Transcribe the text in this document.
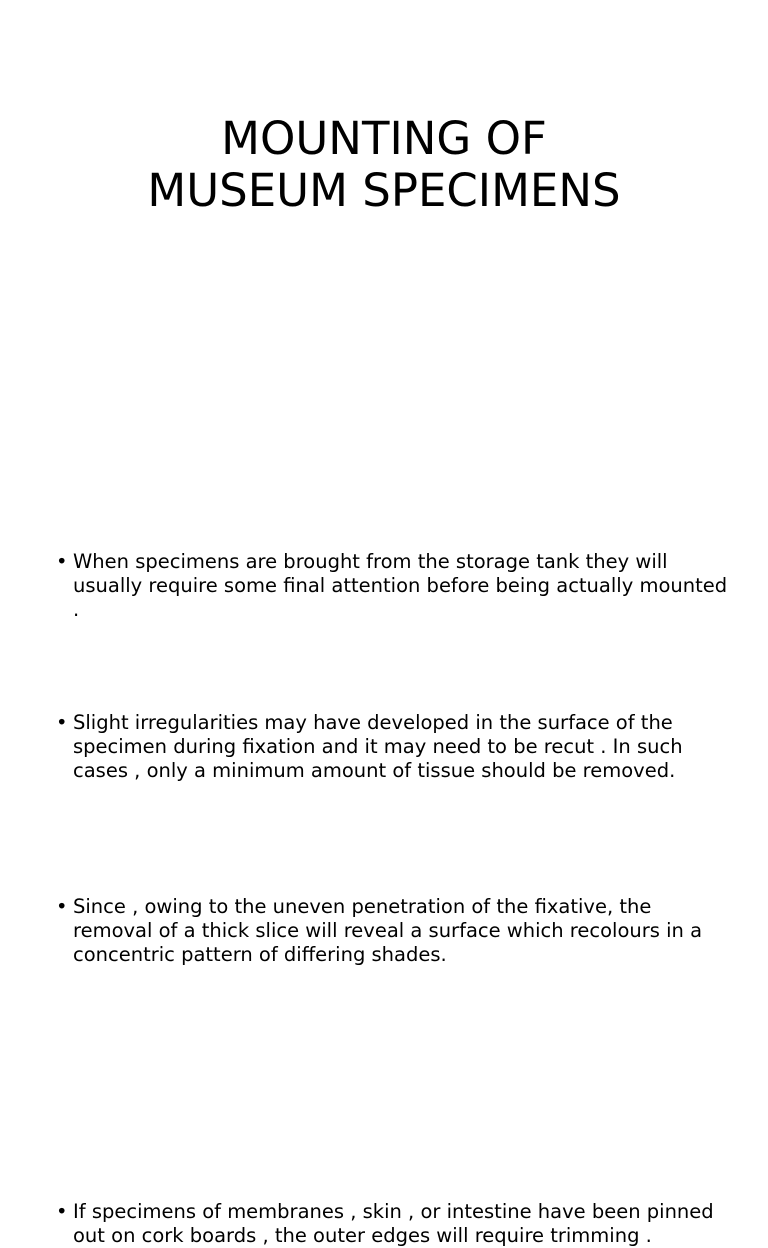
MOUNTING OF
MUSEUM SPECIMENS
• When specimens are brought from the storage tank they will usually require some final attention before being actually mounted .
• Slight irregularities may have developed in the surface of the specimen during fixation and it may need to be recut . In such cases , only a minimum amount of tissue should be removed.
• Since , owing to the uneven penetration of the fixative, the removal of a thick slice will reveal a surface which recolours in a concentric pattern of differing shades.
• If specimens of membranes , skin , or intestine have been pinned out on cork boards , the outer edges will require trimming .
